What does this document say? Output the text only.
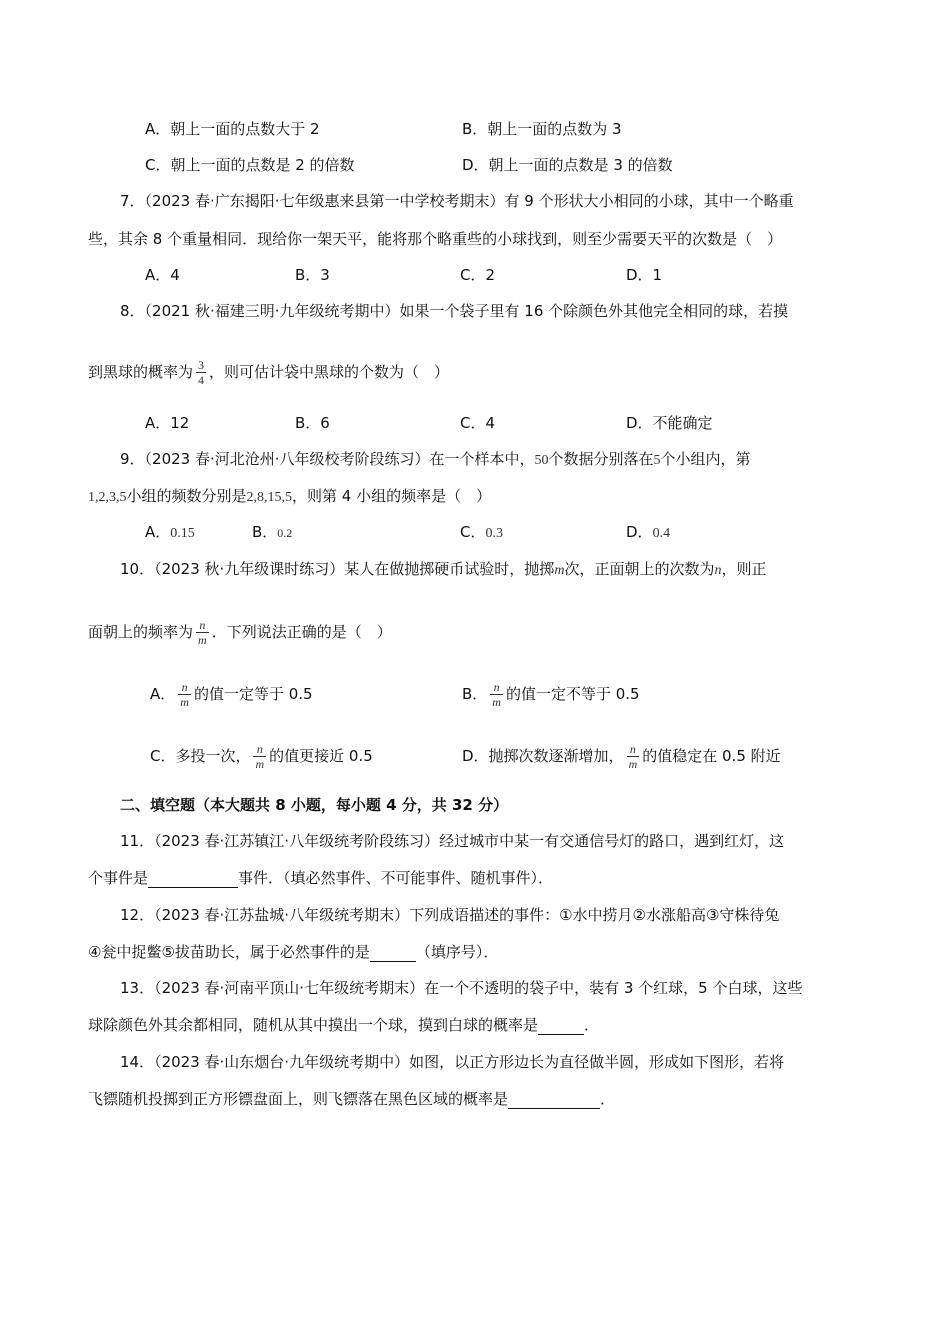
A．朝上一面的点数大于 2	B．朝上一面的点数为 3
C．朝上一面的点数是 2 的倍数	D．朝上一面的点数是 3 的倍数
7．（2023 春·广东揭阳·七年级惠来县第一中学校考期末）有 9 个形状大小相同的小球，其中一个略重
些，其余 8 个重量相同．现给你一架天平，能将那个略重些的小球找到，则至少需要天平的次数是（　）
A．4	B．3	C．2	D．1
8．（2021 秋·福建三明·九年级统考期中）如果一个袋子里有 16 个除颜色外其他完全相同的球，若摸
到黑球的概率为 $\frac{3}{4}$ ，则可估计袋中黑球的个数为（　）
A．12	B．6	C．4	D．不能确定
9．（2023 春·河北沧州·八年级校考阶段练习）在一个样本中，50个数据分别落在5个小组内，第
1,2,3,5小组的频数分别是2,8,15,5，则第 4 小组的频率是（　）
A．0.15	B．0.2	C．0.3	D．0.4
10．（2023 秋·九年级课时练习）某人在做抛掷硬币试验时，抛掷m次，正面朝上的次数为n，则正
面朝上的频率为 $\frac{n}{m}$ ．下列说法正确的是（　）
A． $\frac{n}{m}$ 的值一定等于 0.5	B． $\frac{n}{m}$ 的值一定不等于 0.5
C．多投一次， $\frac{n}{m}$ 的值更接近 0.5	D．抛掷次数逐渐增加， $\frac{n}{m}$ 的值稳定在 0.5 附近
二、填空题（本大题共 8 小题，每小题 4 分，共 32 分）
11．（2023 春·江苏镇江·八年级统考阶段练习）经过城市中某一有交通信号灯的路口，遇到红灯，这
个事件是	事件．（填必然事件、不可能事件、随机事件）．
12．（2023 春·江苏盐城·八年级统考期末）下列成语描述的事件：①水中捞月②水涨船高③守株待兔
④瓮中捉鳖⑤拔苗助长，属于必然事件的是	（填序号）．
13．（2023 春·河南平顶山·七年级统考期末）在一个不透明的袋子中，装有 3 个红球，5 个白球，这些
球除颜色外其余都相同，随机从其中摸出一个球，摸到白球的概率是	．
14．（2023 春·山东烟台·九年级统考期中）如图，以正方形边长为直径做半圆，形成如下图形，若将
飞镖随机投掷到正方形镖盘面上，则飞镖落在黑色区域的概率是	．
